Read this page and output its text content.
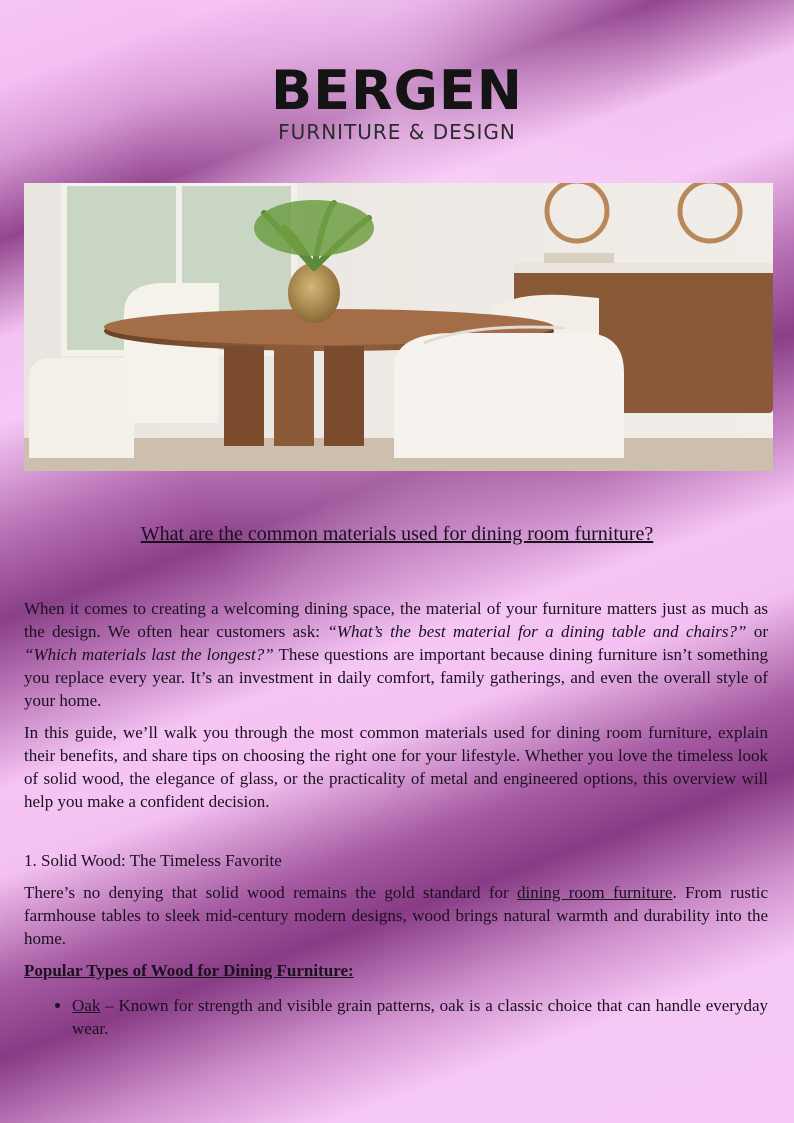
BERGEN
FURNITURE & DESIGN
What are the common materials used for dining room furniture?

When it comes to creating a welcoming dining space, the material of your furniture matters just as much as the design. We often hear customers ask: “What’s the best material for a dining table and chairs?” or “Which materials last the longest?” These questions are important because dining furniture isn’t something you replace every year. It’s an investment in daily comfort, family gatherings, and even the overall style of your home.

In this guide, we’ll walk you through the most common materials used for dining room furniture, explain their benefits, and share tips on choosing the right one for your lifestyle. Whether you love the timeless look of solid wood, the elegance of glass, or the practicality of metal and engineered options, this overview will help you make a confident decision.

1. Solid Wood: The Timeless Favorite

There’s no denying that solid wood remains the gold standard for dining room furniture. From rustic farmhouse tables to sleek mid-century modern designs, wood brings natural warmth and durability into the home.

Popular Types of Wood for Dining Furniture:
• Oak – Known for strength and visible grain patterns, oak is a classic choice that can handle everyday wear.
